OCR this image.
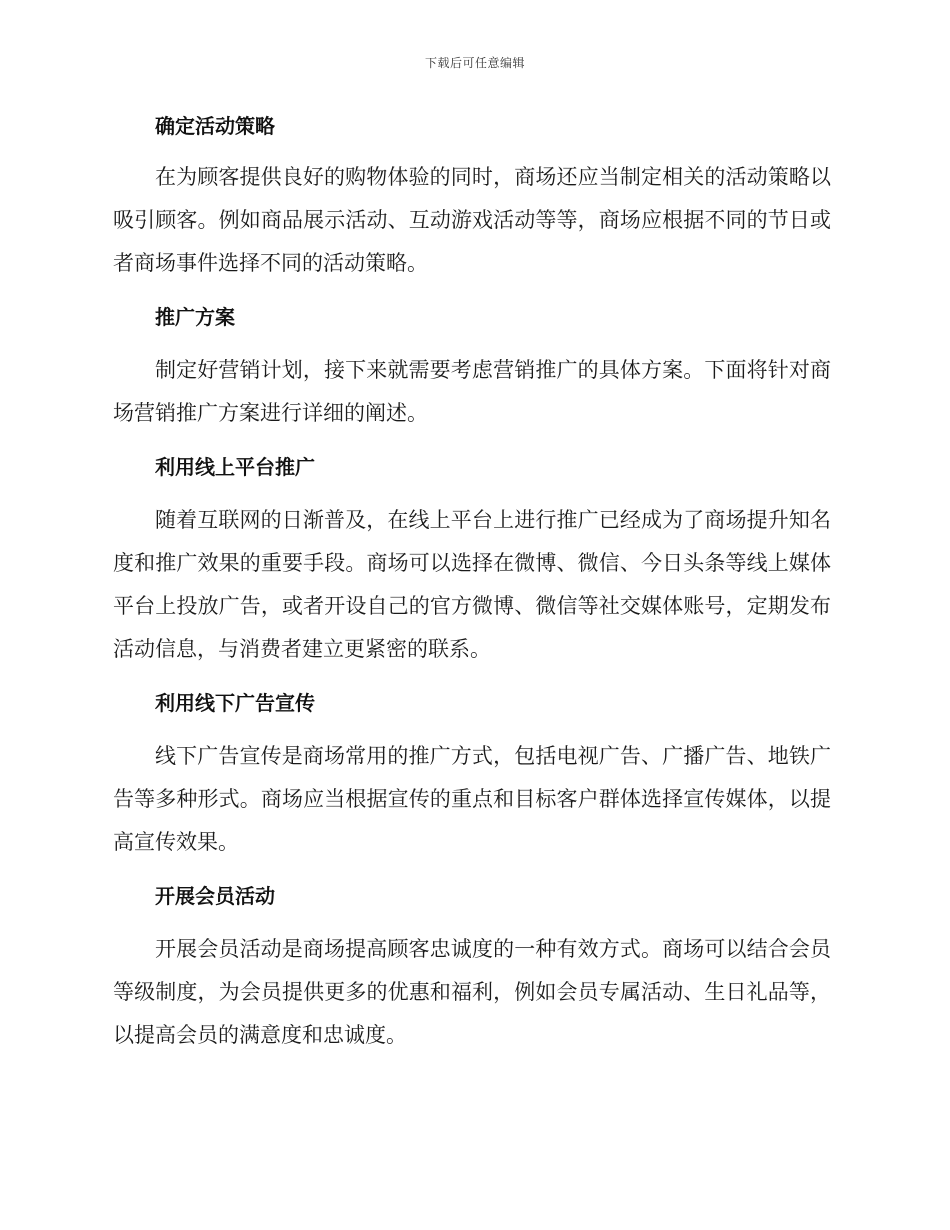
下载后可任意编辑
确定活动策略

在为顾客提供良好的购物体验的同时，商场还应当制定相关的活动策略以吸引顾客。例如商品展示活动、互动游戏活动等等，商场应根据不同的节日或者商场事件选择不同的活动策略。

推广方案

制定好营销计划，接下来就需要考虑营销推广的具体方案。下面将针对商场营销推广方案进行详细的阐述。

利用线上平台推广

随着互联网的日渐普及，在线上平台上进行推广已经成为了商场提升知名度和推广效果的重要手段。商场可以选择在微博、微信、今日头条等线上媒体平台上投放广告，或者开设自己的官方微博、微信等社交媒体账号，定期发布活动信息，与消费者建立更紧密的联系。

利用线下广告宣传

线下广告宣传是商场常用的推广方式，包括电视广告、广播广告、地铁广告等多种形式。商场应当根据宣传的重点和目标客户群体选择宣传媒体，以提高宣传效果。

开展会员活动

开展会员活动是商场提高顾客忠诚度的一种有效方式。商场可以结合会员等级制度，为会员提供更多的优惠和福利，例如会员专属活动、生日礼品等，以提高会员的满意度和忠诚度。
